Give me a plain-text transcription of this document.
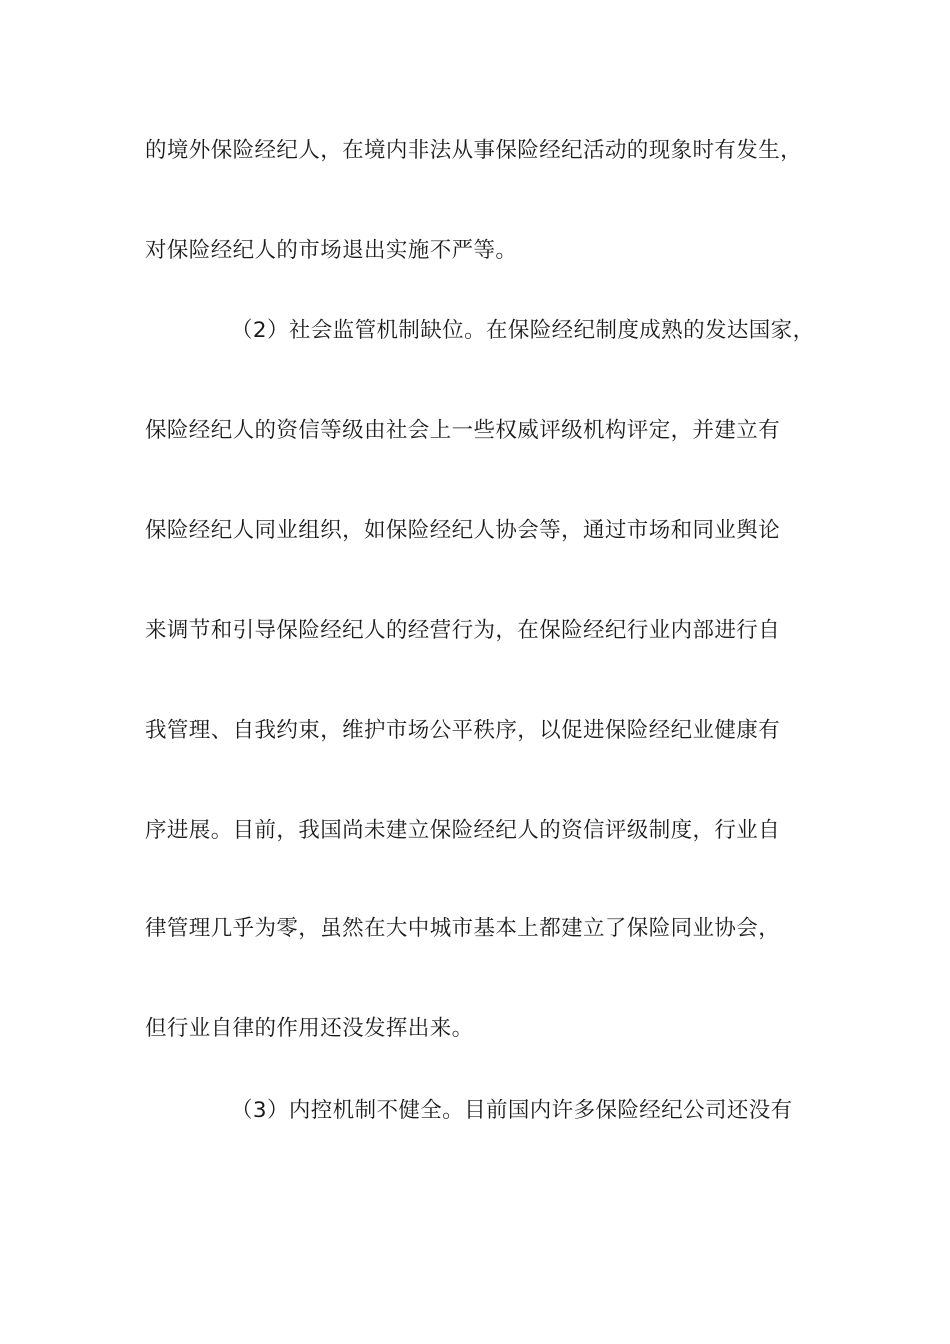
的境外保险经纪人，在境内非法从事保险经纪活动的现象时有发生，

对保险经纪人的市场退出实施不严等。

（2）社会监管机制缺位。在保险经纪制度成熟的发达国家，

保险经纪人的资信等级由社会上一些权威评级机构评定，并建立有

保险经纪人同业组织，如保险经纪人协会等，通过市场和同业舆论

来调节和引导保险经纪人的经营行为，在保险经纪行业内部进行自

我管理、自我约束，维护市场公平秩序，以促进保险经纪业健康有

序进展。目前，我国尚未建立保险经纪人的资信评级制度，行业自

律管理几乎为零，虽然在大中城市基本上都建立了保险同业协会，

但行业自律的作用还没发挥出来。

（3）内控机制不健全。目前国内许多保险经纪公司还没有
